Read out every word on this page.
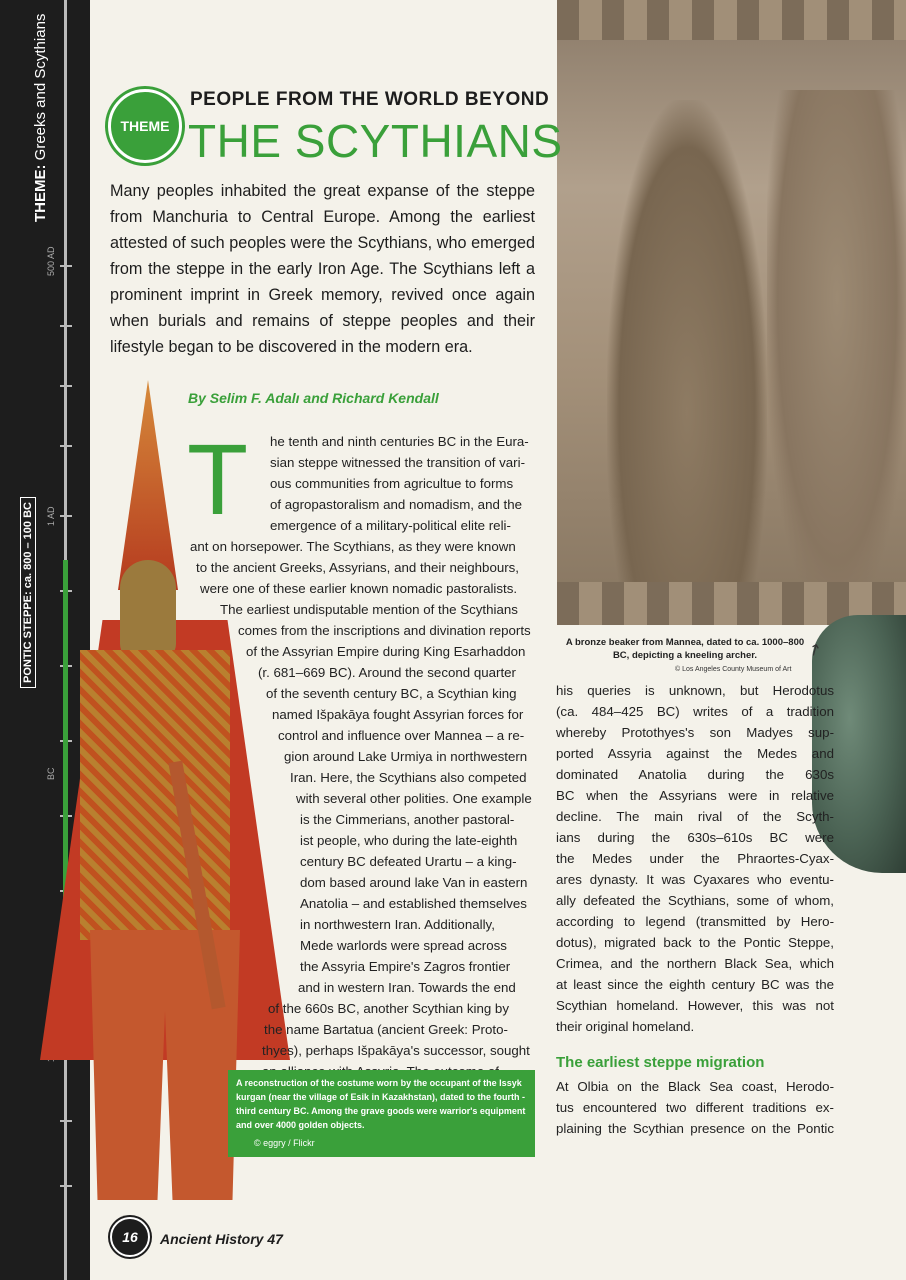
THEME: Greeks and Scythians
500 AD
1 AD
BC
PONTIC STEPPE: ca. 800 – 100 BC	A bronze beaker from Mannea, dated to ca. 1000–800 BC, depicting a kneeling archer.
© Los Angeles County Museum of Art
↗
THEME
PEOPLE FROM THE WORLD BEYOND
THE SCYTHIANS
Many peoples inhabited the great expanse of the steppe from Manchuria to Central Europe. Among the earliest attested of such peoples were the Scythians, who emerged from the steppe in the early Iron Age. The Scythians left a prominent imprint in Greek memory, revived once again when burials and remains of steppe peoples and their lifestyle began to be discovered in the modern era.
By Selim F. Adalı and Richard Kendall
T he tenth and ninth centuries BC in the Eura-
sian steppe witnessed the transition of vari-
ous communities from agricultue to forms
of agropastoralism and nomadism, and the
emergence of a military-political elite reli-
ant on horsepower. The Scythians, as they were known
to the ancient Greeks, Assyrians, and their neighbours,
were one of these earlier known nomadic pastoralists.
The earliest undisputable mention of the Scythians
comes from the inscriptions and divination reports
of the Assyrian Empire during King Esarhaddon
(r. 681–669 BC). Around the second quarter
of the seventh century BC, a Scythian king
named Išpakāya fought Assyrian forces for
control and influence over Mannea – a re-
gion around Lake Urmiya in northwestern
Iran. Here, the Scythians also competed
with several other polities. One example
is the Cimmerians, another pastoral-
ist people, who during the late-eighth
century BC defeated Urartu – a king-
dom based around lake Van in eastern
Anatolia – and established themselves
in northwestern Iran. Additionally,
Mede warlords were spread across
the Assyria Empire's Zagros frontier
and in western Iran. Towards the end
of the 660s BC, another Scythian king by
the name Bartatua (ancient Greek: Proto-
thyes), perhaps Išpakāya's successor, sought
A reconstruction of the costume worn by the occupant of the Issyk kurgan (near the village of Esik in Kazakhstan), dated to the fourth - third century BC. Among the grave goods were warrior's equipment and over 4000 golden objects.
© eggry / Flickr
his queries is unknown, but Herodotus
(ca. 484–425 BC) writes of a tradition
whereby Protothyes's son Madyes sup-
ported Assyria against the Medes and
dominated Anatolia during the 630s
BC when the Assyrians were in relative
decline. The main rival of the Scyth-
ians during the 630s–610s BC were
the Medes under the Phraortes-Cyax-
ares dynasty. It was Cyaxares who eventu-
ally defeated the Scythians, some of whom,
according to legend (transmitted by Hero-
dotus), migrated back to the Pontic Steppe,
Crimea, and the northern Black Sea, which
at least since the eighth century BC was the
Scythian homeland. However, this was not
their original homeland.
The earliest steppe migration
At Olbia on the Black Sea coast, Herodo-
tus encountered two different traditions ex-
plaining the Scythian presence on the Pontic
16	Ancient History 47
